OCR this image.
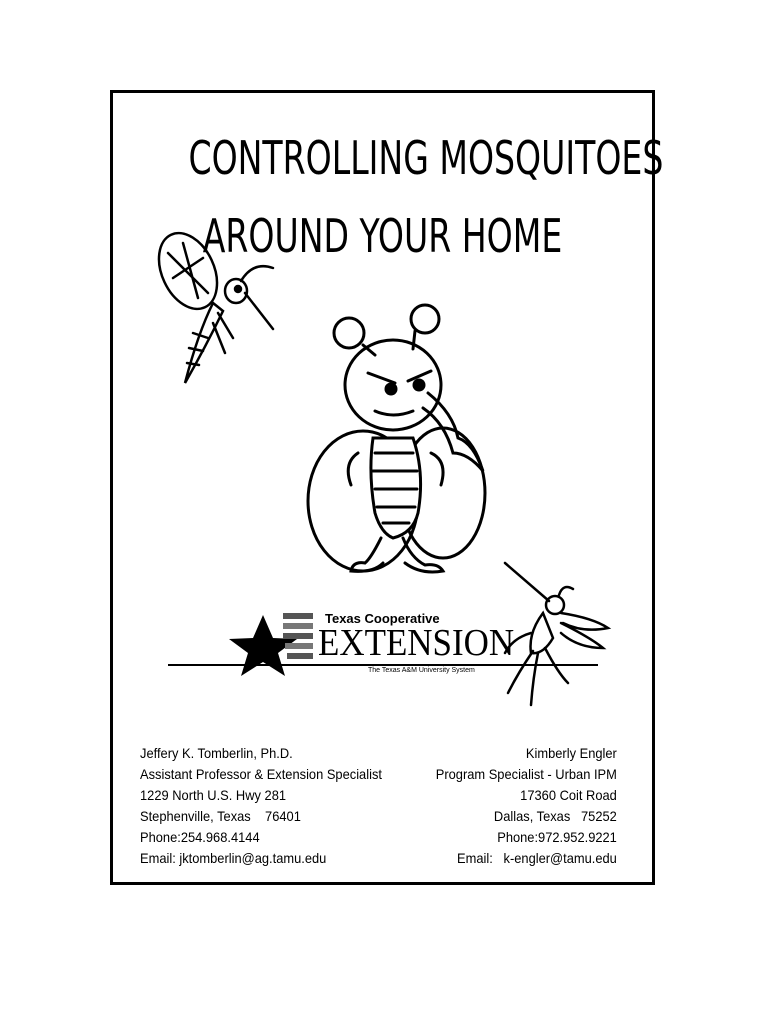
CONTROLLING MOSQUITOES
AROUND YOUR HOME
Texas Cooperative
EXTENSION
The Texas A&M University System
Jeffery K. Tomberlin, Ph.D.
Assistant Professor & Extension Specialist
1229 North U.S. Hwy 281
Stephenville, Texas    76401
Phone:254.968.4144
Email: jktomberlin@ag.tamu.edu
Kimberly Engler
Program Specialist - Urban IPM
17360 Coit Road
Dallas, Texas   75252
Phone:972.952.9221
Email:   k-engler@tamu.edu
